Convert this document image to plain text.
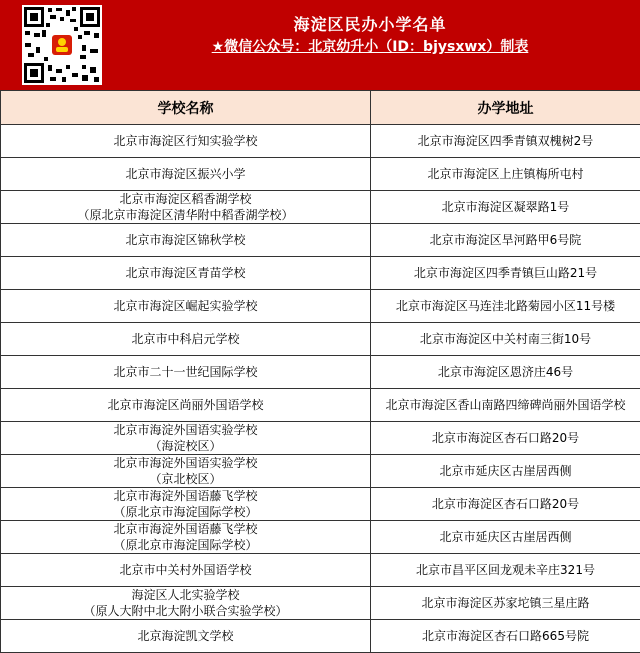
海淀区民办小学名单
★微信公众号：北京幼升小（ID：bjysxwx）制表
学校名称	办学地址

北京市海淀区行知实验学校	北京市海淀区四季青镇双槐树2号

北京市海淀区振兴小学	北京市海淀区上庄镇梅所屯村

北京市海淀区稻香湖学校
（原北京市海淀区清华附中稻香湖学校）	北京市海淀区凝翠路1号

北京市海淀区锦秋学校	北京市海淀区旱河路甲6号院

北京市海淀区青苗学校	北京市海淀区四季青镇巨山路21号

北京市海淀区崛起实验学校	北京市海淀区马连洼北路菊园小区11号楼

北京市中科启元学校	北京市海淀区中关村南三街10号

北京市二十一世纪国际学校	北京市海淀区恩济庄46号

北京市海淀区尚丽外国语学校	北京市海淀区香山南路四缔碑尚丽外国语学校

北京市海淀外国语实验学校
（海淀校区）	北京市海淀区杏石口路20号

北京市海淀外国语实验学校
（京北校区）	北京市延庆区古崖居西侧

北京市海淀外国语藤飞学校
（原北京市海淀国际学校）	北京市海淀区杏石口路20号

北京市海淀外国语藤飞学校
（原北京市海淀国际学校）	北京市延庆区古崖居西侧

北京市中关村外国语学校	北京市昌平区回龙观未辛庄321号

海淀区人北实验学校
（原人大附中北大附小联合实验学校）	北京市海淀区苏家坨镇三星庄路

北京海淀凯文学校	北京市海淀区杏石口路665号院
